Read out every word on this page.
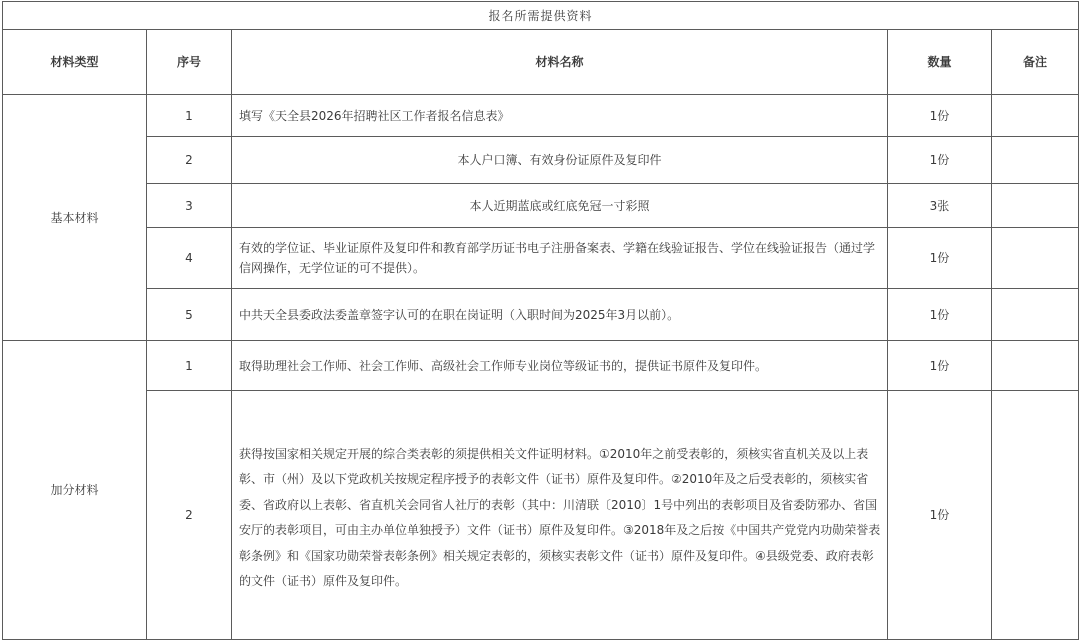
报名所需提供资料				
材料类型	序号	材料名称	数量	备注
基本材料	1	填写《天全县2026年招聘社区工作者报名信息表》	1份	
	2	本人户口簿、有效身份证原件及复印件	1份	
	3	本人近期蓝底或红底免冠一寸彩照	3张	
	4	有效的学位证、毕业证原件及复印件和教育部学历证书电子注册备案表、学籍在线验证报告、学位在线验证报告（通过学信网操作，无学位证的可不提供）。	1份	
	5	中共天全县委政法委盖章签字认可的在职在岗证明（入职时间为2025年3月以前）。	1份	
加分材料	1	取得助理社会工作师、社会工作师、高级社会工作师专业岗位等级证书的，提供证书原件及复印件。	1份	
	2	获得按国家相关规定开展的综合类表彰的须提供相关文件证明材料。①2010年之前受表彰的，须核实省直机关及以上表彰、市（州）及以下党政机关按规定程序授予的表彰文件（证书）原件及复印件。②2010年及之后受表彰的，须核实省委、省政府以上表彰、省直机关会同省人社厅的表彰（其中：川清联〔2010〕1号中列出的表彰项目及省委防邪办、省国安厅的表彰项目，可由主办单位单独授予）文件（证书）原件及复印件。③2018年及之后按《中国共产党党内功勋荣誉表彰条例》和《国家功勋荣誉表彰条例》相关规定表彰的，须核实表彰文件（证书）原件及复印件。④县级党委、政府表彰的文件（证书）原件及复印件。	1份	
